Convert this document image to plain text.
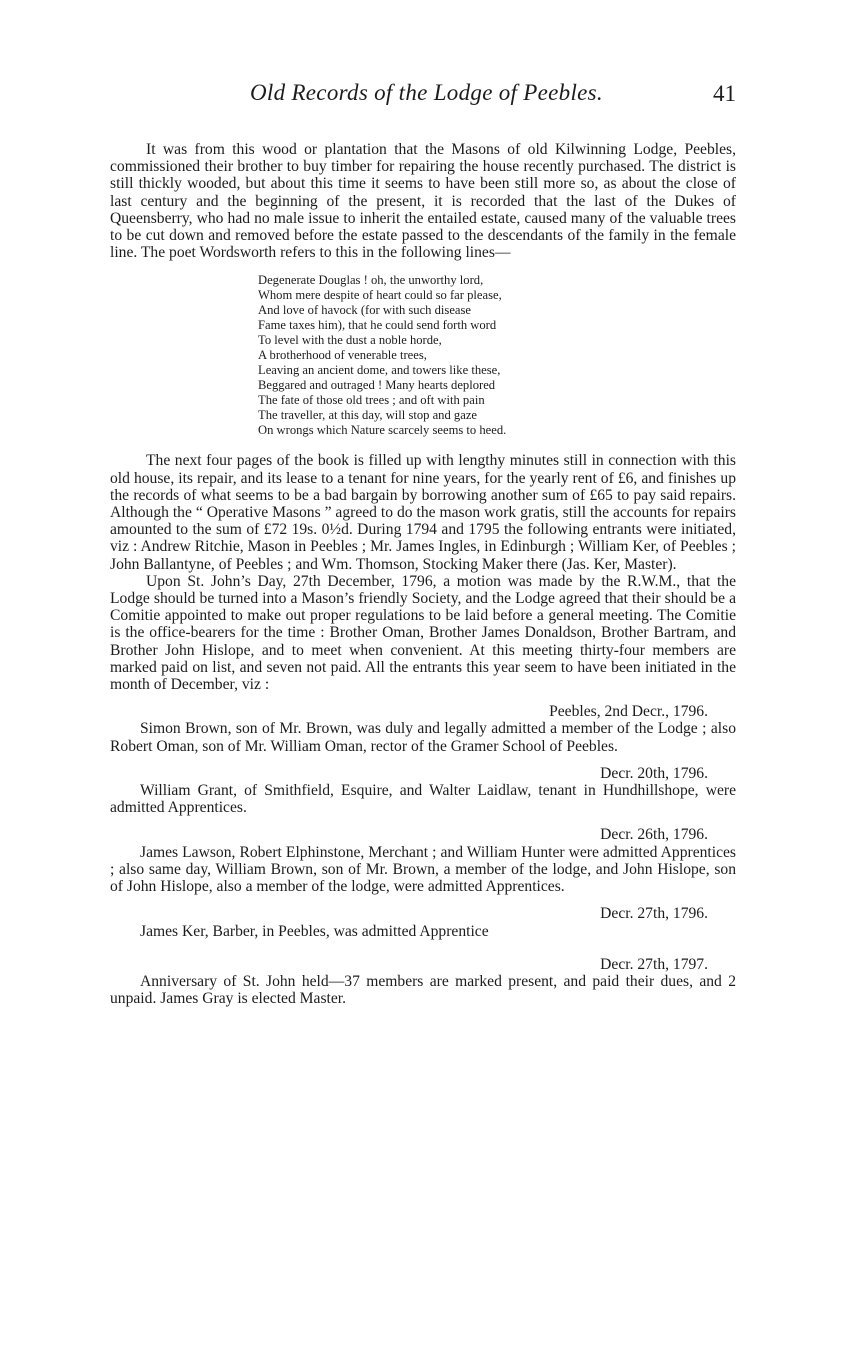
Old Records of the Lodge of Peebles.	41

It was from this wood or plantation that the Masons of old Kilwinning Lodge, Peebles, commissioned their brother to buy timber for repairing the house recently purchased. The district is still thickly wooded, but about this time it seems to have been still more so, as about the close of last century and the beginning of the present, it is recorded that the last of the Dukes of Queensberry, who had no male issue to inherit the entailed estate, caused many of the valuable trees to be cut down and removed before the estate passed to the descendants of the family in the female line. The poet Wordsworth refers to this in the following lines—

Degenerate Douglas ! oh, the unworthy lord,
Whom mere despite of heart could so far please,
And love of havock (for with such disease
Fame taxes him), that he could send forth word
To level with the dust a noble horde,
A brotherhood of venerable trees,
Leaving an ancient dome, and towers like these,
Beggared and outraged ! Many hearts deplored
The fate of those old trees ; and oft with pain
The traveller, at this day, will stop and gaze
On wrongs which Nature scarcely seems to heed.

The next four pages of the book is filled up with lengthy minutes still in connection with this old house, its repair, and its lease to a tenant for nine years, for the yearly rent of £6, and finishes up the records of what seems to be a bad bargain by borrowing another sum of £65 to pay said repairs. Although the “ Operative Masons ” agreed to do the mason work gratis, still the accounts for repairs amounted to the sum of £72 19s. 0½d. During 1794 and 1795 the following entrants were initiated, viz : Andrew Ritchie, Mason in Peebles ; Mr. James Ingles, in Edinburgh ; William Ker, of Peebles ; John Ballantyne, of Peebles ; and Wm. Thomson, Stocking Maker there (Jas. Ker, Master).

Upon St. John’s Day, 27th December, 1796, a motion was made by the R.W.M., that the Lodge should be turned into a Mason’s friendly Society, and the Lodge agreed that their should be a Comitie appointed to make out proper regulations to be laid before a general meeting. The Comitie is the office-bearers for the time : Brother Oman, Brother James Donaldson, Brother Bartram, and Brother John Hislope, and to meet when convenient. At this meeting thirty-four members are marked paid on list, and seven not paid. All the entrants this year seem to have been initiated in the month of December, viz :

Peebles, 2nd Decr., 1796.

Simon Brown, son of Mr. Brown, was duly and legally admitted a member of the Lodge ; also Robert Oman, son of Mr. William Oman, rector of the Gramer School of Peebles.

Decr. 20th, 1796.

William Grant, of Smithfield, Esquire, and Walter Laidlaw, tenant in Hundhillshope, were admitted Apprentices.

Decr. 26th, 1796.

James Lawson, Robert Elphinstone, Merchant ; and William Hunter were admitted Apprentices ; also same day, William Brown, son of Mr. Brown, a member of the lodge, and John Hislope, son of John Hislope, also a member of the lodge, were admitted Apprentices.

Decr. 27th, 1796.

James Ker, Barber, in Peebles, was admitted Apprentice

Decr. 27th, 1797.

Anniversary of St. John held—37 members are marked present, and paid their dues, and 2 unpaid. James Gray is elected Master.
